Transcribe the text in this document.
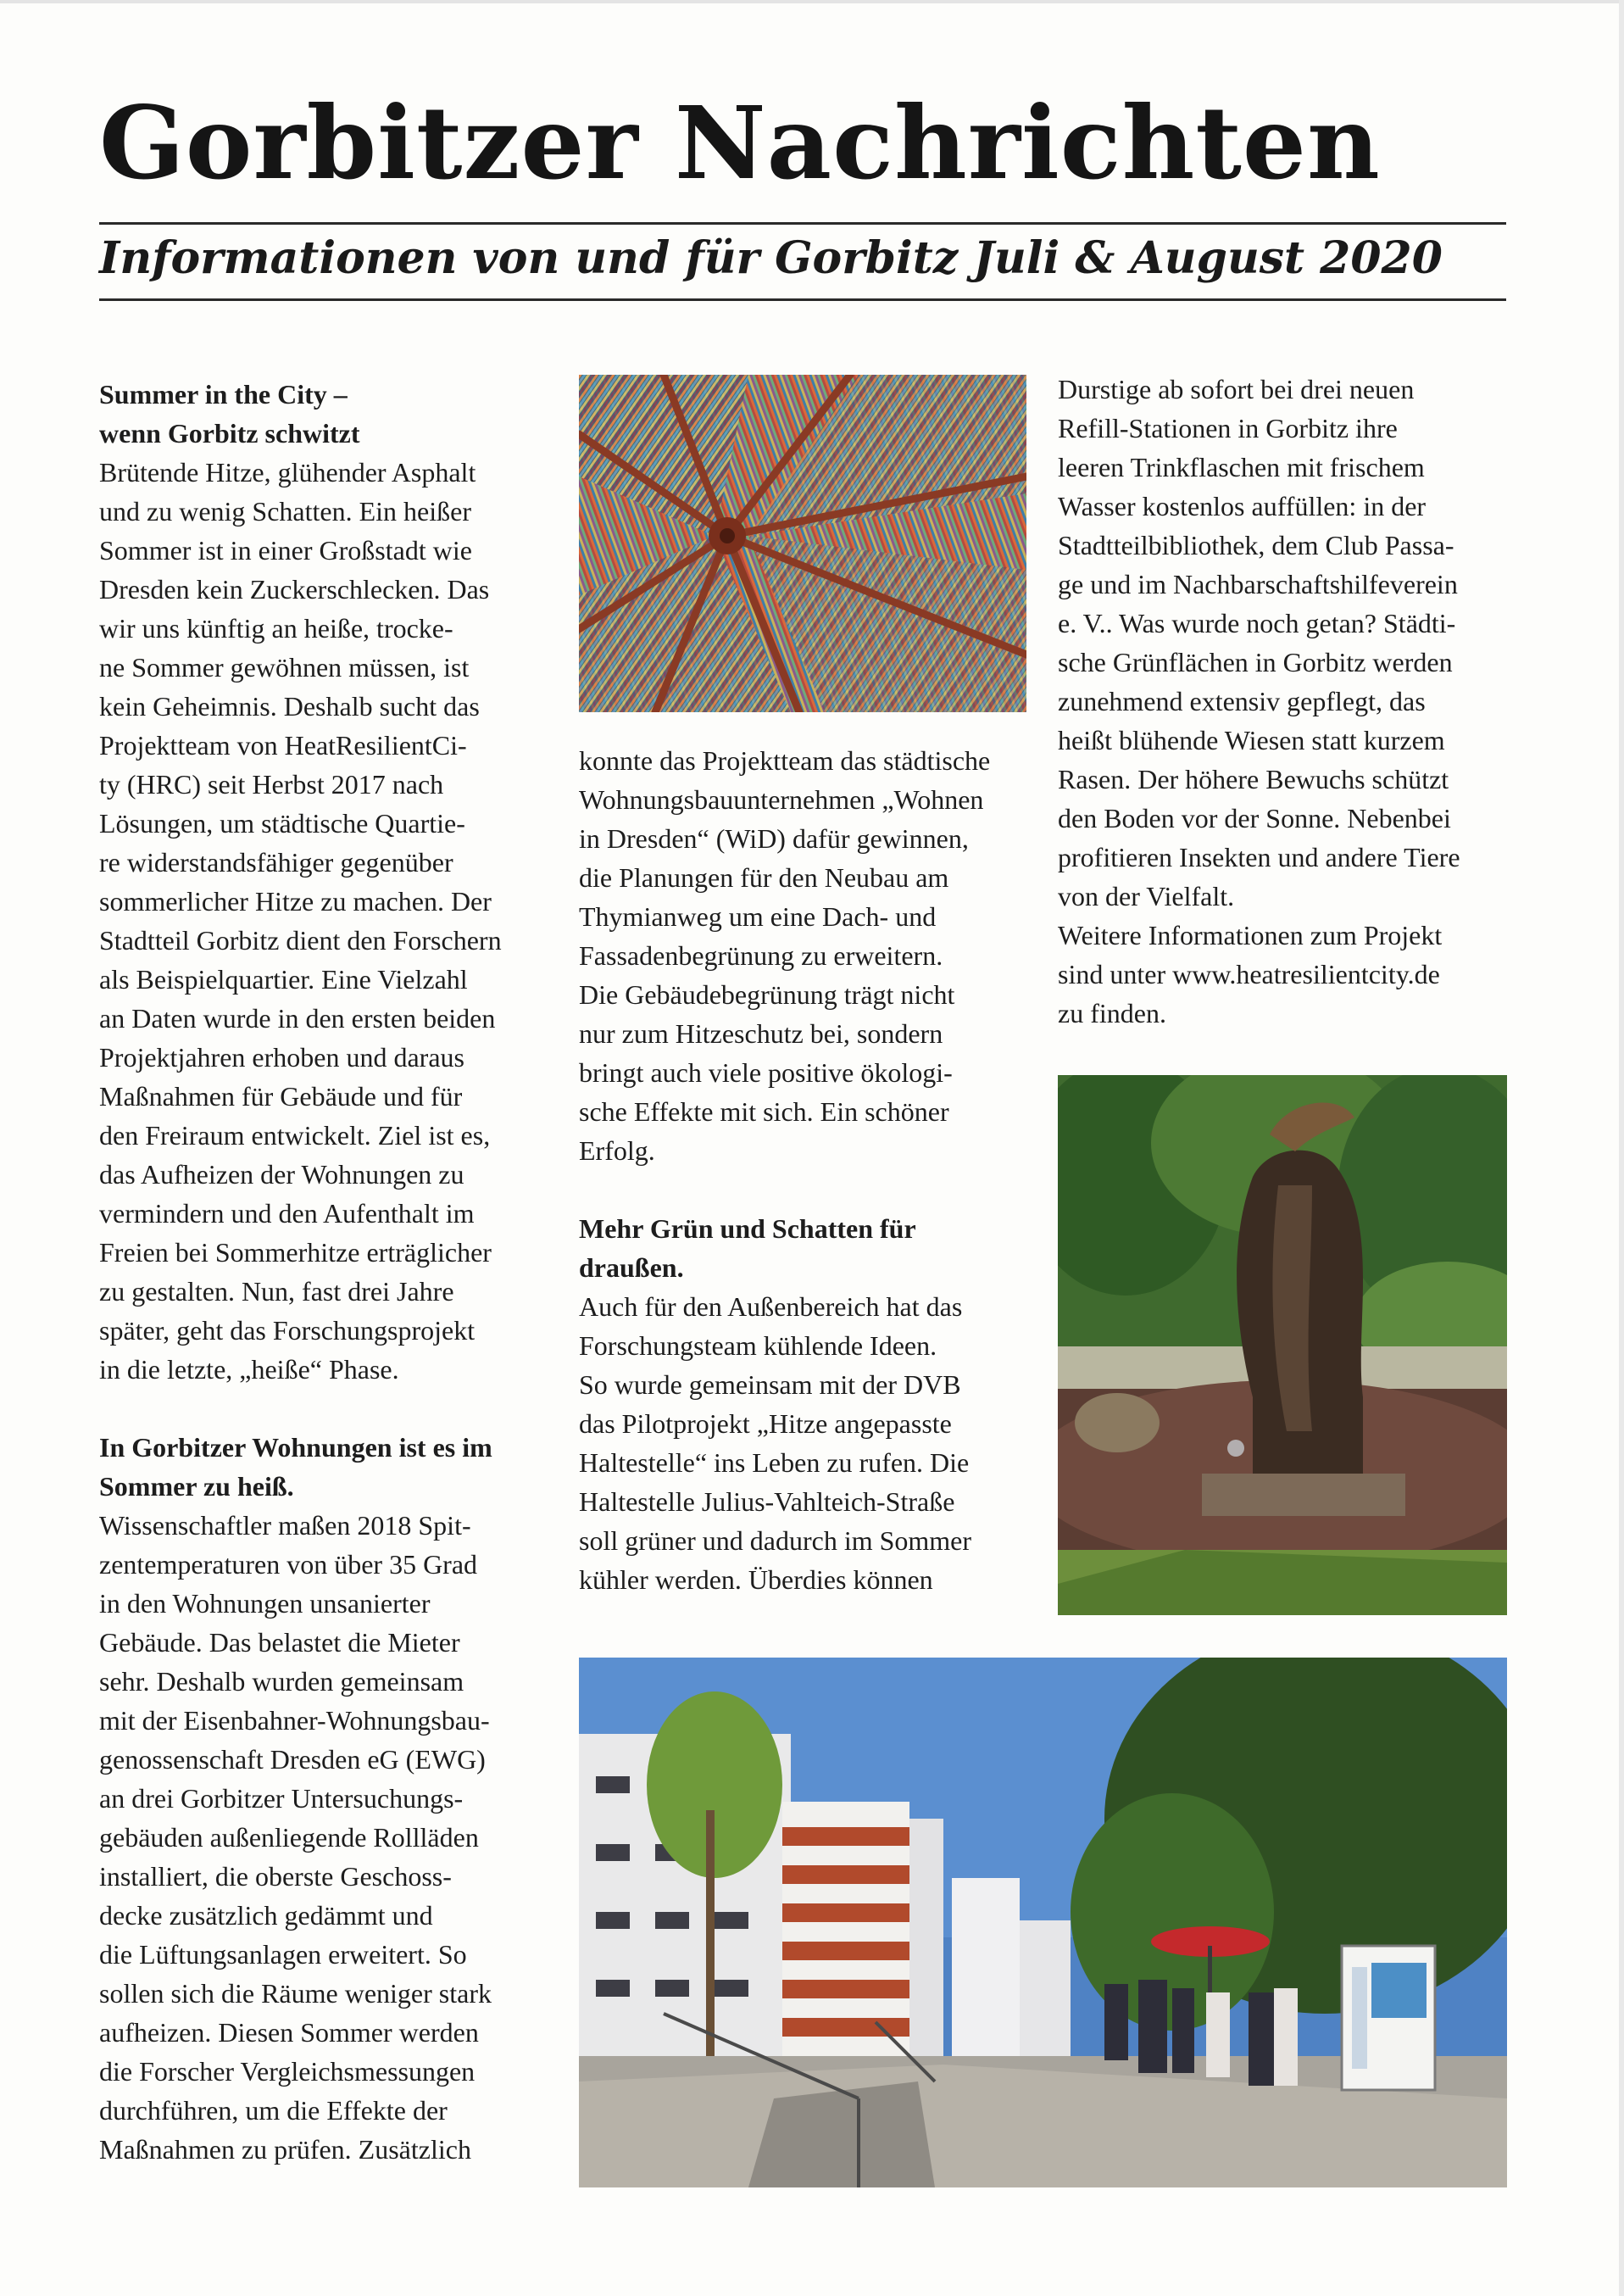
Gorbitzer Nachrichten
Informationen von und für Gorbitz Juli & August 2020
Summer in the City –
wenn Gorbitz schwitzt
Brütende Hitze, glühender Asphalt
und zu wenig Schatten. Ein heißer
Sommer ist in einer Großstadt wie
Dresden kein Zuckerschlecken. Das
wir uns künftig an heiße, trocke-
ne Sommer gewöhnen müssen, ist
kein Geheimnis. Deshalb sucht das
Projektteam von HeatResilientCi-
ty (HRC) seit Herbst 2017 nach
Lösungen, um städtische Quartie-
re widerstandsfähiger gegenüber
sommerlicher Hitze zu machen. Der
Stadtteil Gorbitz dient den Forschern
als Beispielquartier. Eine Vielzahl
an Daten wurde in den ersten beiden
Projektjahren erhoben und daraus
Maßnahmen für Gebäude und für
den Freiraum entwickelt. Ziel ist es,
das Aufheizen der Wohnungen zu
vermindern und den Aufenthalt im
Freien bei Sommerhitze erträglicher
zu gestalten. Nun, fast drei Jahre
später, geht das Forschungsprojekt
in die letzte, „heiße“ Phase.
In Gorbitzer Wohnungen ist es im
Sommer zu heiß.
Wissenschaftler maßen 2018 Spit-
zentemperaturen von über 35 Grad
in den Wohnungen unsanierter
Gebäude. Das belastet die Mieter
sehr. Deshalb wurden gemeinsam
mit der Eisenbahner-Wohnungsbau-
genossenschaft Dresden eG (EWG)
an drei Gorbitzer Untersuchungs-
gebäuden außenliegende Rollläden
installiert, die oberste Geschoss-
decke zusätzlich gedämmt und
die Lüftungsanlagen erweitert. So
sollen sich die Räume weniger stark
aufheizen. Diesen Sommer werden
die Forscher Vergleichsmessungen
durchführen, um die Effekte der
Maßnahmen zu prüfen. Zusätzlich
konnte das Projektteam das städtische
Wohnungsbauunternehmen „Wohnen
in Dresden“ (WiD) dafür gewinnen,
die Planungen für den Neubau am
Thymianweg um eine Dach- und
Fassadenbegrünung zu erweitern.
Die Gebäudebegrünung trägt nicht
nur zum Hitzeschutz bei, sondern
bringt auch viele positive ökologi-
sche Effekte mit sich. Ein schöner
Erfolg.
Mehr Grün und Schatten für
draußen.
Auch für den Außenbereich hat das
Forschungsteam kühlende Ideen.
So wurde gemeinsam mit der DVB
das Pilotprojekt „Hitze angepasste
Haltestelle“ ins Leben zu rufen. Die
Haltestelle Julius-Vahlteich-Straße
soll grüner und dadurch im Sommer
kühler werden. Überdies können
Durstige ab sofort bei drei neuen
Refill-Stationen in Gorbitz ihre
leeren Trinkflaschen mit frischem
Wasser kostenlos auffüllen: in der
Stadtteilbibliothek, dem Club Passa-
ge und im Nachbarschaftshilfeverein
e. V.. Was wurde noch getan? Städti-
sche Grünflächen in Gorbitz werden
zunehmend extensiv gepflegt, das
heißt blühende Wiesen statt kurzem
Rasen. Der höhere Bewuchs schützt
den Boden vor der Sonne. Nebenbei
profitieren Insekten und andere Tiere
von der Vielfalt.
Weitere Informationen zum Projekt
sind unter www.heatresilientcity.de
zu finden.
